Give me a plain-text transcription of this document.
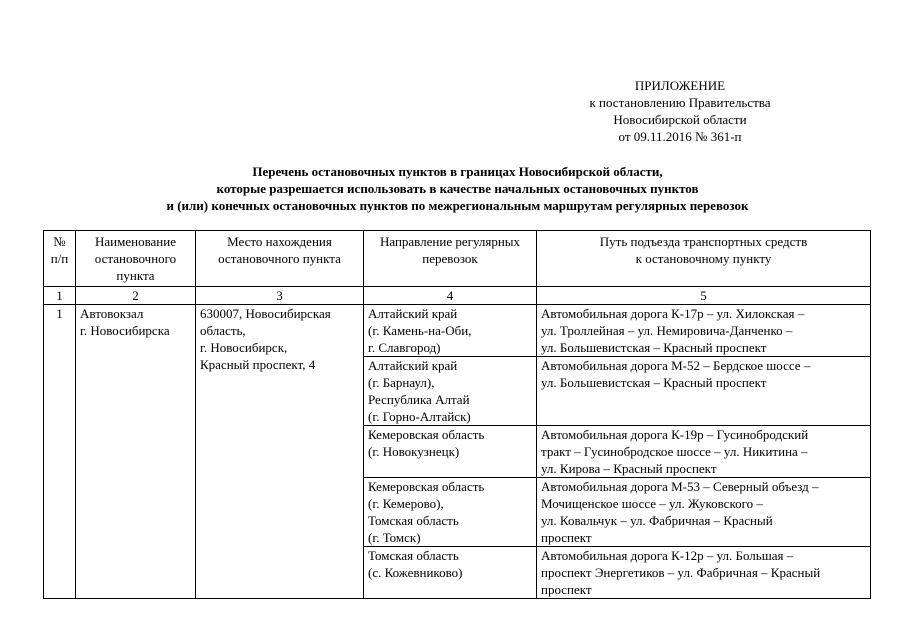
ПРИЛОЖЕНИЕ
к постановлению Правительства
Новосибирской области
от 09.11.2016 № 361-п
Перечень остановочных пунктов в границах Новосибирской области,
которые разрешается использовать в качестве начальных остановочных пунктов
и (или) конечных остановочных пунктов по межрегиональным маршрутам регулярных перевозок
№
п/п	Наименование
остановочного
пункта	Место нахождения
остановочного пункта	Направление регулярных
перевозок	Путь подъезда транспортных средств
к остановочному пункту
1	2	3	4	5
1	Автовокзал
г. Новосибирска	630007, Новосибирская
область,
г. Новосибирск,
Красный проспект, 4	Алтайский край
(г. Камень-на-Оби,
г. Славгород)	Автомобильная дорога К-17р – ул. Хилокская –
ул. Троллейная – ул. Немировича-Данченко –
ул. Большевистская – Красный проспект
			Алтайский край
(г. Барнаул),
Республика Алтай
(г. Горно-Алтайск)	Автомобильная дорога М-52 – Бердское шоссе –
ул. Большевистская – Красный проспект
			Кемеровская область
(г. Новокузнецк)	Автомобильная дорога К-19р – Гусинобродский
тракт – Гусинобродское шоссе – ул. Никитина –
ул. Кирова – Красный проспект
			Кемеровская область
(г. Кемерово),
Томская область
(г. Томск)	Автомобильная дорога М-53 – Северный объезд –
Мочищенское шоссе – ул. Жуковского –
ул. Ковальчук – ул. Фабричная – Красный
проспект
			Томская область
(с. Кожевниково)	Автомобильная дорога К-12р – ул. Большая –
проспект Энергетиков – ул. Фабричная – Красный
проспект
